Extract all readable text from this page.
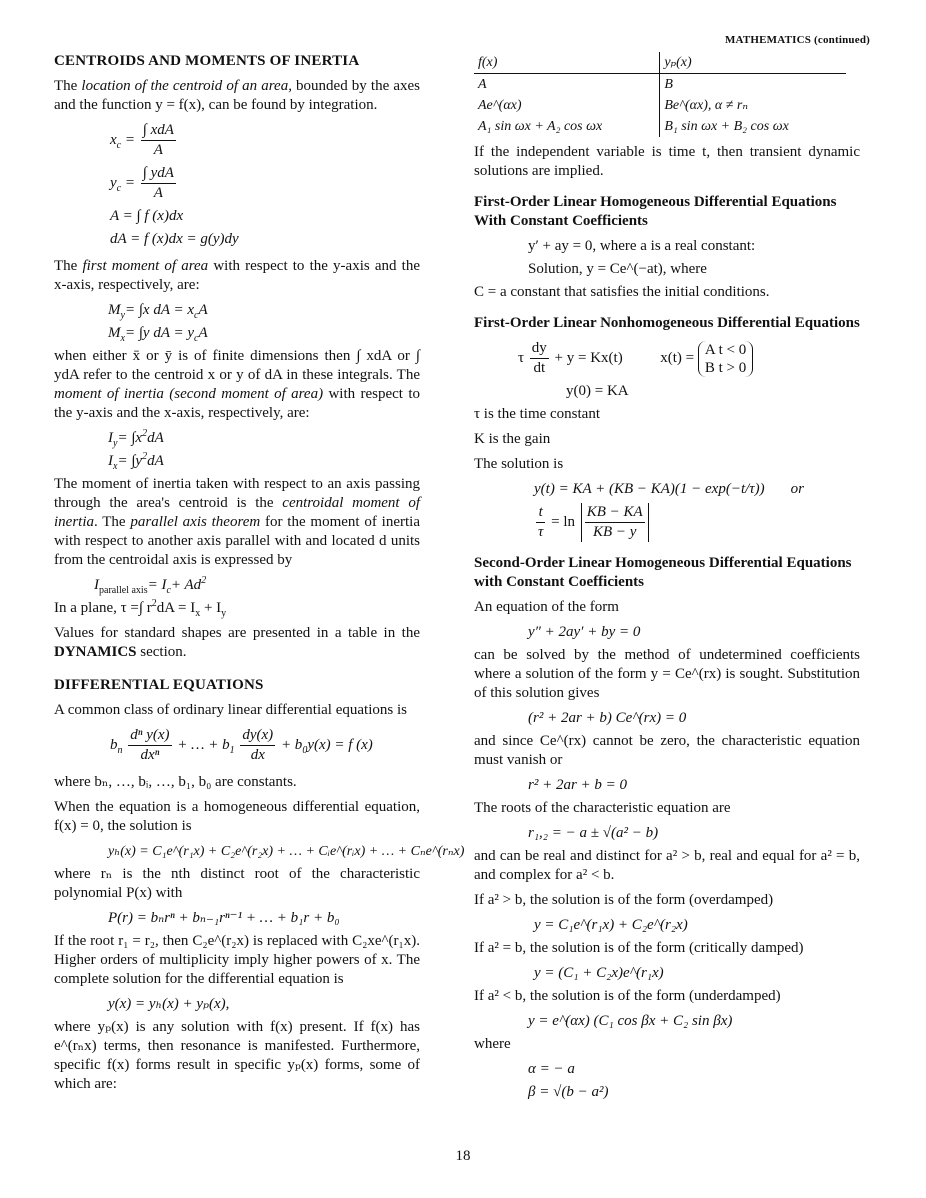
MATHEMATICS (continued)
CENTROIDS AND MOMENTS OF INERTIA

The location of the centroid of an area, bounded by the axes and the function y = f(x), can be found by integration.

$x_c = \frac{\text{∫ xdA}}{A}$
$y_c = \frac{\text{∫ ydA}}{A}$
A = ∫ f (x)dx
dA = f (x)dx = g(y)dy

The first moment of area with respect to the y-axis and the x-axis, respectively, are:

$M_y= \int x$ dA = $x_cA$
$M_x= \int y$ dA = $y_cA$

when either x̄ or ȳ is of finite dimensions then ∫ xdA or ∫ ydA refer to the centroid x or y of dA in these integrals. The moment of inertia (second moment of area) with respect to the y-axis and the x-axis, respectively, are:

$I_y= \int x^2dA$
$I_x= \int y^2dA$

The moment of inertia taken with respect to an axis passing through the area's centroid is the centroidal moment of inertia. The parallel axis theorem for the moment of inertia with respect to another axis parallel with and located d units from the centroidal axis is expressed by

$I_{parallel axis}= I_c+ Ad^2$

In a plane, τ =∫ $r^2dA = I_x + I_y$

Values for standard shapes are presented in a table in the DYNAMICS section.

DIFFERENTIAL EQUATIONS

A common class of ordinary linear differential equations is

$b_n \frac{\text{dⁿ y(x)}}{\text{dxⁿ}}$ + … + $b_1 \frac{dy(x)}{dx} + b_0y(x) = f$ (x)

where bₙ, …, bᵢ, …, b₁, b₀ are constants.

When the equation is a homogeneous differential equation, f(x) = 0, the solution is

yₕ(x) = C₁e^(r₁x) + C₂e^(r₂x) + … + Cᵢe^(rᵢx) + … + Cₙe^(rₙx)

where rₙ is the nth distinct root of the characteristic polynomial P(x) with

P(r) = bₙrⁿ + bₙ₋₁rⁿ⁻¹ + … + b₁r + b₀

If the root r₁ = r₂, then C₂e^(r₂x) is replaced with C₂xe^(r₁x). Higher orders of multiplicity imply higher powers of x. The complete solution for the differential equation is

y(x) = yₕ(x) + yₚ(x),

where yₚ(x) is any solution with f(x) present. If f(x) has e^(rₙx) terms, then resonance is manifested. Furthermore, specific f(x) forms result in specific yₚ(x) forms, some of which are:

f(x)	yₚ(x)
A	B
Ae^(αx)	Be^(αx), α ≠ rₙ
A₁ sin ωx + A₂ cos ωx	B₁ sin ωx + B₂ cos ωx

If the independent variable is time t, then transient dynamic solutions are implied.

First-Order Linear Homogeneous Differential Equations With Constant Coefficients
y′ + ay = 0, where a is a real constant:
Solution, y = Ce^(−at), where

C = a constant that satisfies the initial conditions.

First-Order Linear Nonhomogeneous Differential Equations
τ $\frac{dy}{dt} + y = Kx(t)$	x(t) =
A t < 0
B t > 0
y(0) = KA

τ is the time constant

K is the gain

The solution is

y(t) = KA + (KB − KA)(1 − exp(−t/τ)) or
$\frac{t}{\tau} = \ln \frac{KB - KA}{KB - y}$
Second-Order Linear Homogeneous Differential Equations with Constant Coefficients

An equation of the form

y″ + 2ay′ + by = 0

can be solved by the method of undetermined coefficients where a solution of the form y = Ce^(rx) is sought. Substitution of this solution gives

(r² + 2ar + b) Ce^(rx) = 0

and since Ce^(rx) cannot be zero, the characteristic equation must vanish or

r² + 2ar + b = 0

The roots of the characteristic equation are

r₁,₂ = − a ± √(a² − b)

and can be real and distinct for a² > b, real and equal for a² = b, and complex for a² < b.

If a² > b, the solution is of the form (overdamped)

y = C₁e^(r₁x) + C₂e^(r₂x)

If a² = b, the solution is of the form (critically damped)

y = (C₁ + C₂x)e^(r₁x)

If a² < b, the solution is of the form (underdamped)

y = e^(αx) (C₁ cos βx + C₂ sin βx)

where

α = − a
β = √(b − a²)
18
